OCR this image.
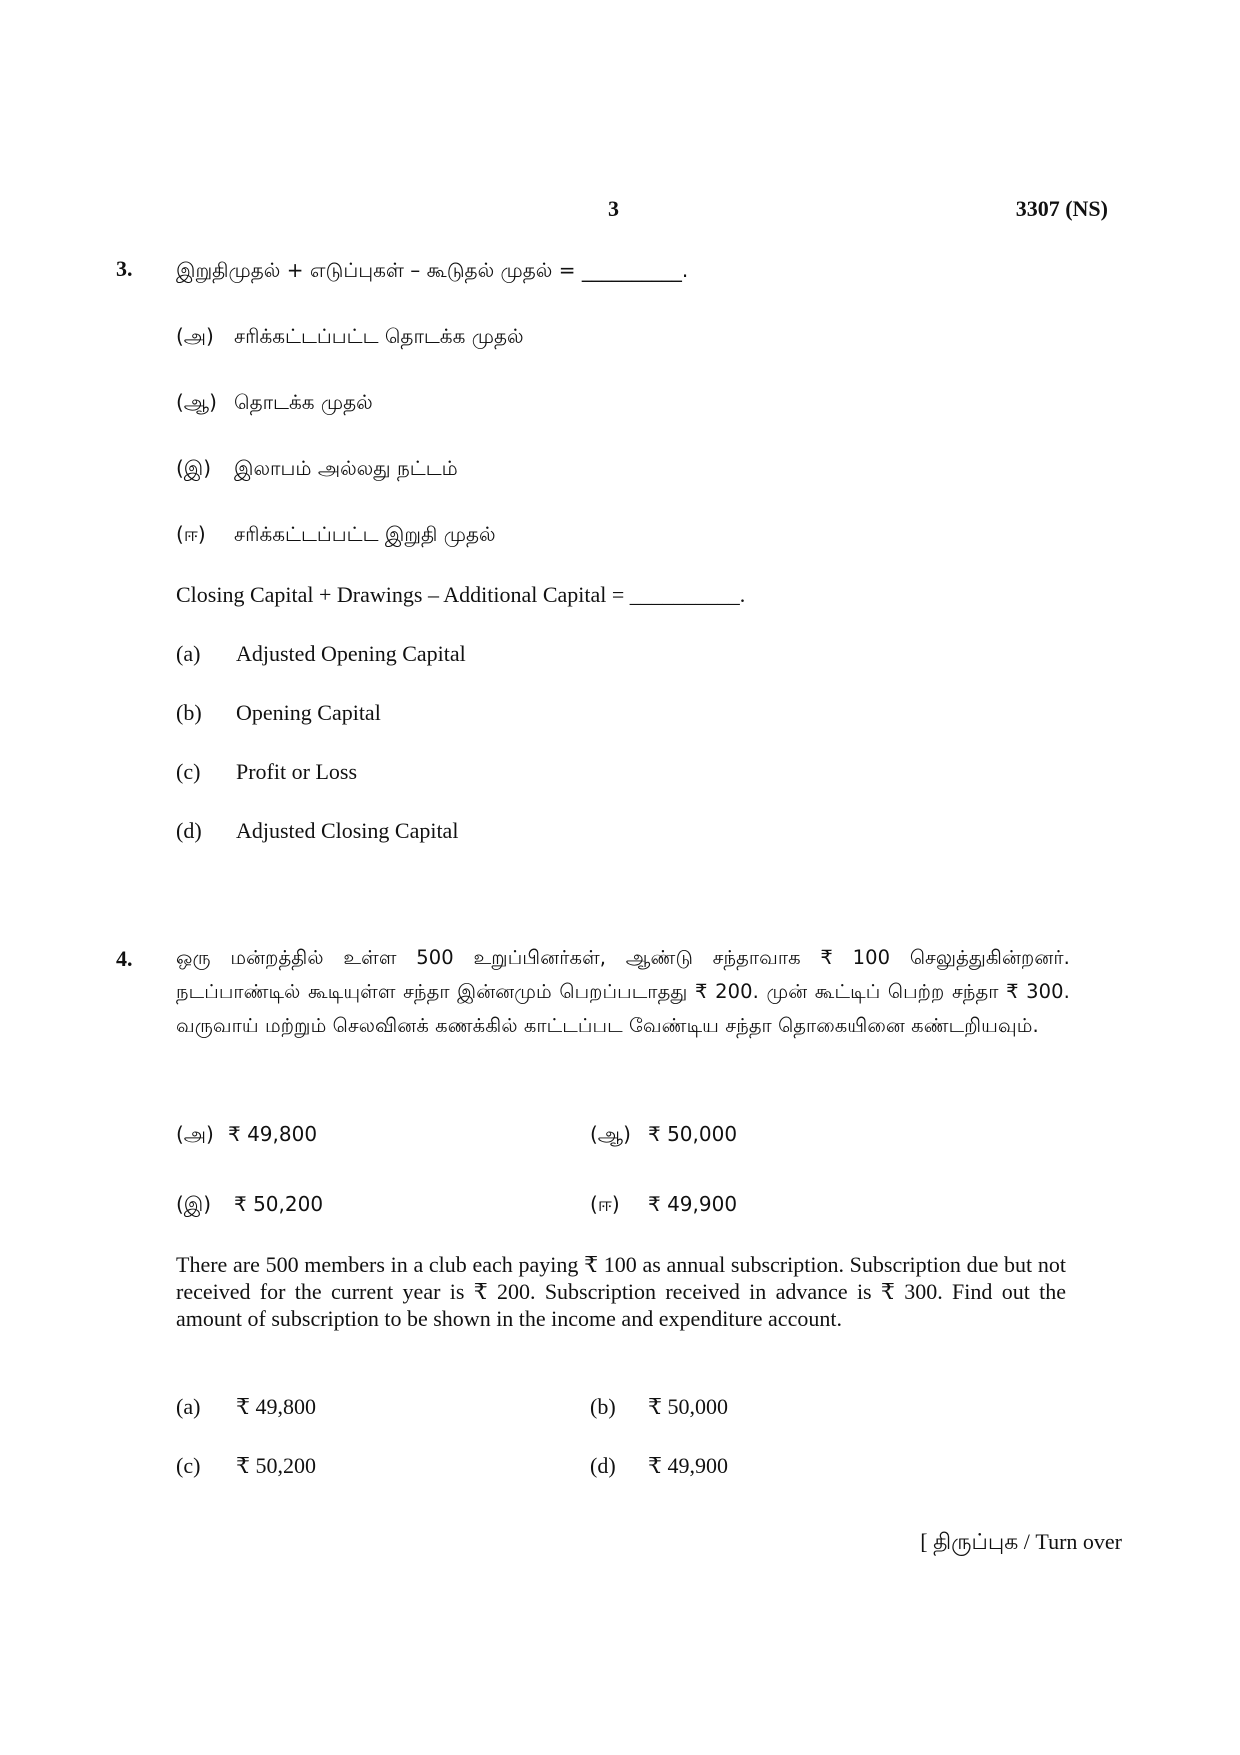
3	3307 (NS)
3. இறுதிமுதல் + எடுப்புகள் – கூடுதல் முதல் = __________.
(அ) சரிக்கட்டப்பட்ட தொடக்க முதல்
(ஆ) தொடக்க முதல்
(இ) இலாபம் அல்லது நட்டம்
(ஈ) சரிக்கட்டப்பட்ட இறுதி முதல்
Closing Capital + Drawings – Additional Capital = __________.
(a) Adjusted Opening Capital
(b) Opening Capital
(c) Profit or Loss
(d) Adjusted Closing Capital
4. ஒரு மன்றத்தில் உள்ள 500 உறுப்பினர்கள், ஆண்டு சந்தாவாக ₹ 100 செலுத்துகின்றனர். நடப்பாண்டில் கூடியுள்ள சந்தா இன்னமும் பெறப்படாதது ₹ 200. முன் கூட்டிப் பெற்ற சந்தா ₹ 300. வருவாய் மற்றும் செலவினக் கணக்கில் காட்டப்பட வேண்டிய சந்தா தொகையினை கண்டறியவும்.
(அ) ₹ 49,800	(ஆ) ₹ 50,000
(இ) ₹ 50,200	(ஈ) ₹ 49,900
There are 500 members in a club each paying ₹ 100 as annual subscription. Subscription due but not received for the current year is ₹ 200. Subscription received in advance is ₹ 300. Find out the amount of subscription to be shown in the income and expenditure account.
(a) ₹ 49,800	(b) ₹ 50,000
(c) ₹ 50,200	(d) ₹ 49,900
[ திருப்புக / Turn over
